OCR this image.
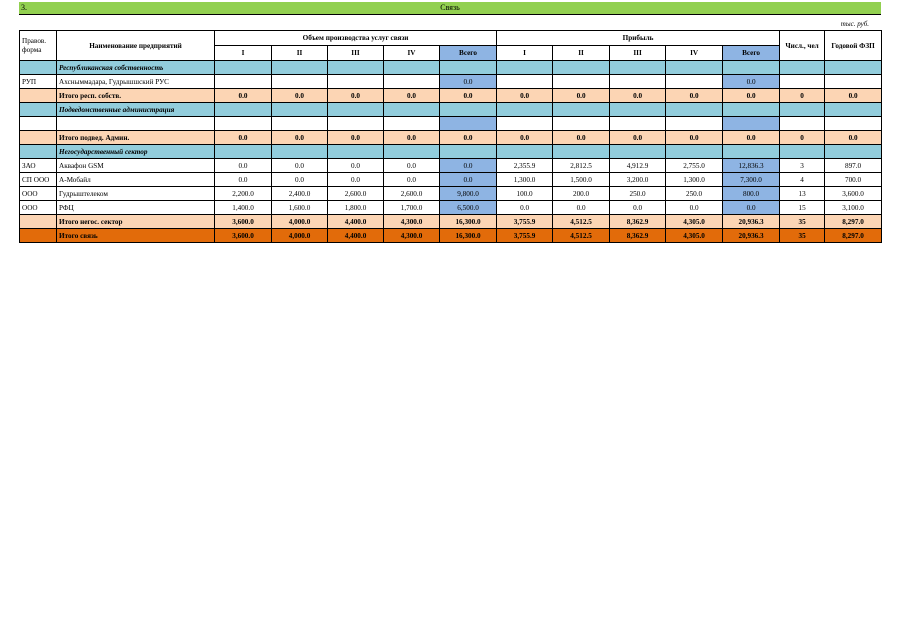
3.	Связь
тыс. руб.
Правов. форма	Наименование предприятий	Объем производства услуг связи					Прибыль					Числ., чел	Годовой ФЗП
		I	II	III	IV	Всего	I	II	III	IV	Всего		
	Республиканская собственность												
РУП	Ахсныммадара, Гудрышшский РУС					0.0					0.0		
	Итого респ. собств.	0.0	0.0	0.0	0.0	0.0	0.0	0.0	0.0	0.0	0.0	0	0.0
	Подведомственные администрация												

	Итого подвед. Админ.	0.0	0.0	0.0	0.0	0.0	0.0	0.0	0.0	0.0	0.0	0	0.0
	Негосударственный сектор												
ЗАО	Аквафон GSM	0.0	0.0	0.0	0.0	0.0	2,355.9	2,812.5	4,912.9	2,755.0	12,836.3	3	897.0
СП ООО	А-Мобайл	0.0	0.0	0.0	0.0	0.0	1,300.0	1,500.0	3,200.0	1,300.0	7,300.0	4	700.0
ООО	Гудрыштелеком	2,200.0	2,400.0	2,600.0	2,600.0	9,800.0	100.0	200.0	250.0	250.0	800.0	13	3,600.0
ООО	РФЦ	1,400.0	1,600.0	1,800.0	1,700.0	6,500.0	0.0	0.0	0.0	0.0	0.0	15	3,100.0
	Итого негос. сектор	3,600.0	4,000.0	4,400.0	4,300.0	16,300.0	3,755.9	4,512.5	8,362.9	4,305.0	20,936.3	35	8,297.0
	Итого связь	3,600.0	4,000.0	4,400.0	4,300.0	16,300.0	3,755.9	4,512.5	8,362.9	4,305.0	20,936.3	35	8,297.0
